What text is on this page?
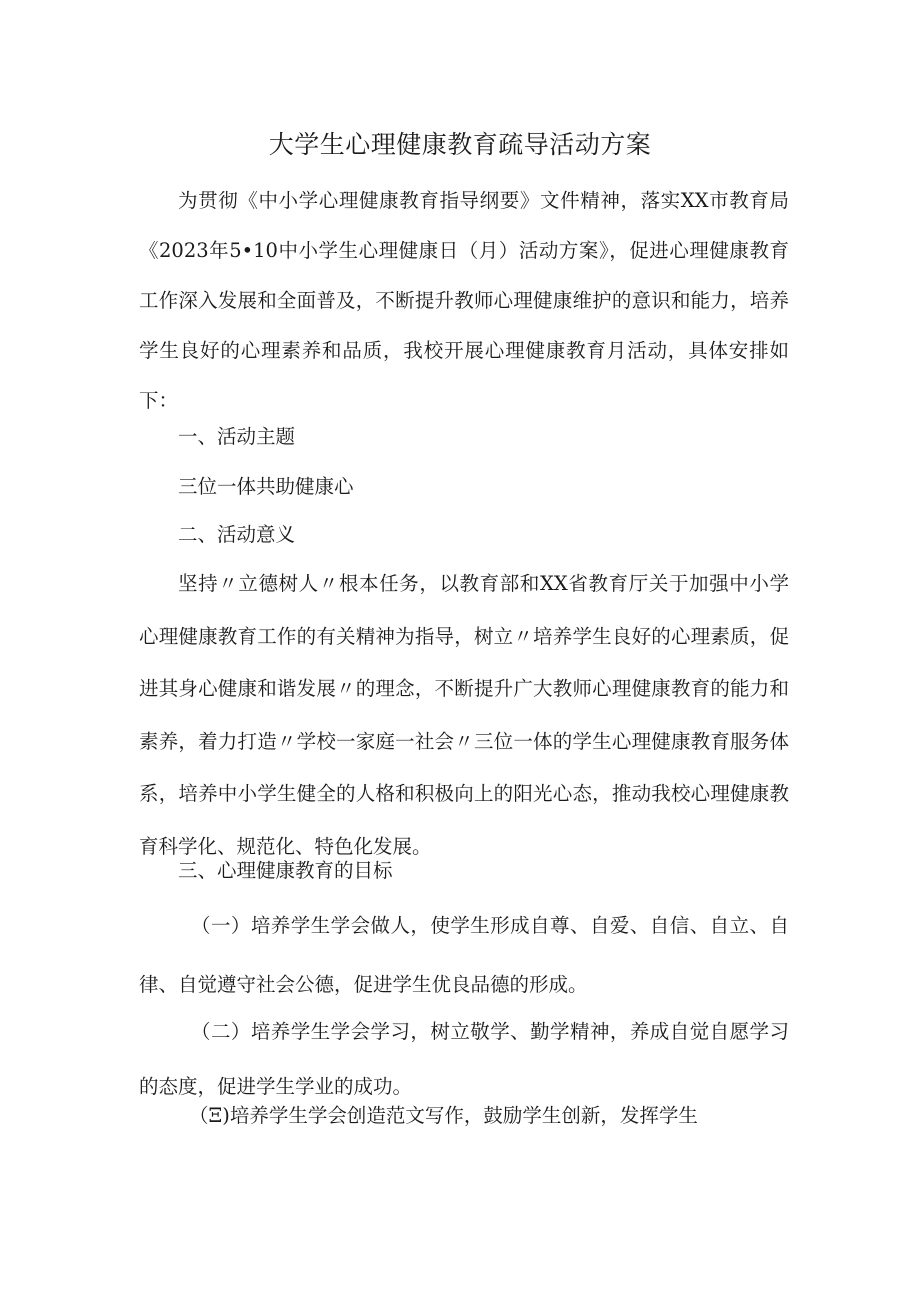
大学生心理健康教育疏导活动方案
为贯彻《中小学心理健康教育指导纲要》文件精神，落实XX市教育局《2023年5•10中小学生心理健康日（月）活动方案》，促进心理健康教育工作深入发展和全面普及，不断提升教师心理健康维护的意识和能力，培养学生良好的心理素养和品质，我校开展心理健康教育月活动，具体安排如下：
一、活动主题
三位一体共助健康心
二、活动意义
坚持〃立德树人〃根本任务，以教育部和XX省教育厅关于加强中小学心理健康教育工作的有关精神为指导，树立〃培养学生良好的心理素质，促进其身心健康和谐发展〃的理念，不断提升广大教师心理健康教育的能力和素养，着力打造〃学校一家庭一社会〃三位一体的学生心理健康教育服务体系，培养中小学生健全的人格和积极向上的阳光心态，推动我校心理健康教育科学化、规范化、特色化发展。
三、心理健康教育的目标
（一）培养学生学会做人，使学生形成自尊、自爱、自信、自立、自律、自觉遵守社会公德，促进学生优良品德的形成。
（二）培养学生学会学习，树立敬学、勤学精神，养成自觉自愿学习的态度，促进学生学业的成功。
（Ξ)培养学生学会创造范文写作，鼓励学生创新，发挥学生
